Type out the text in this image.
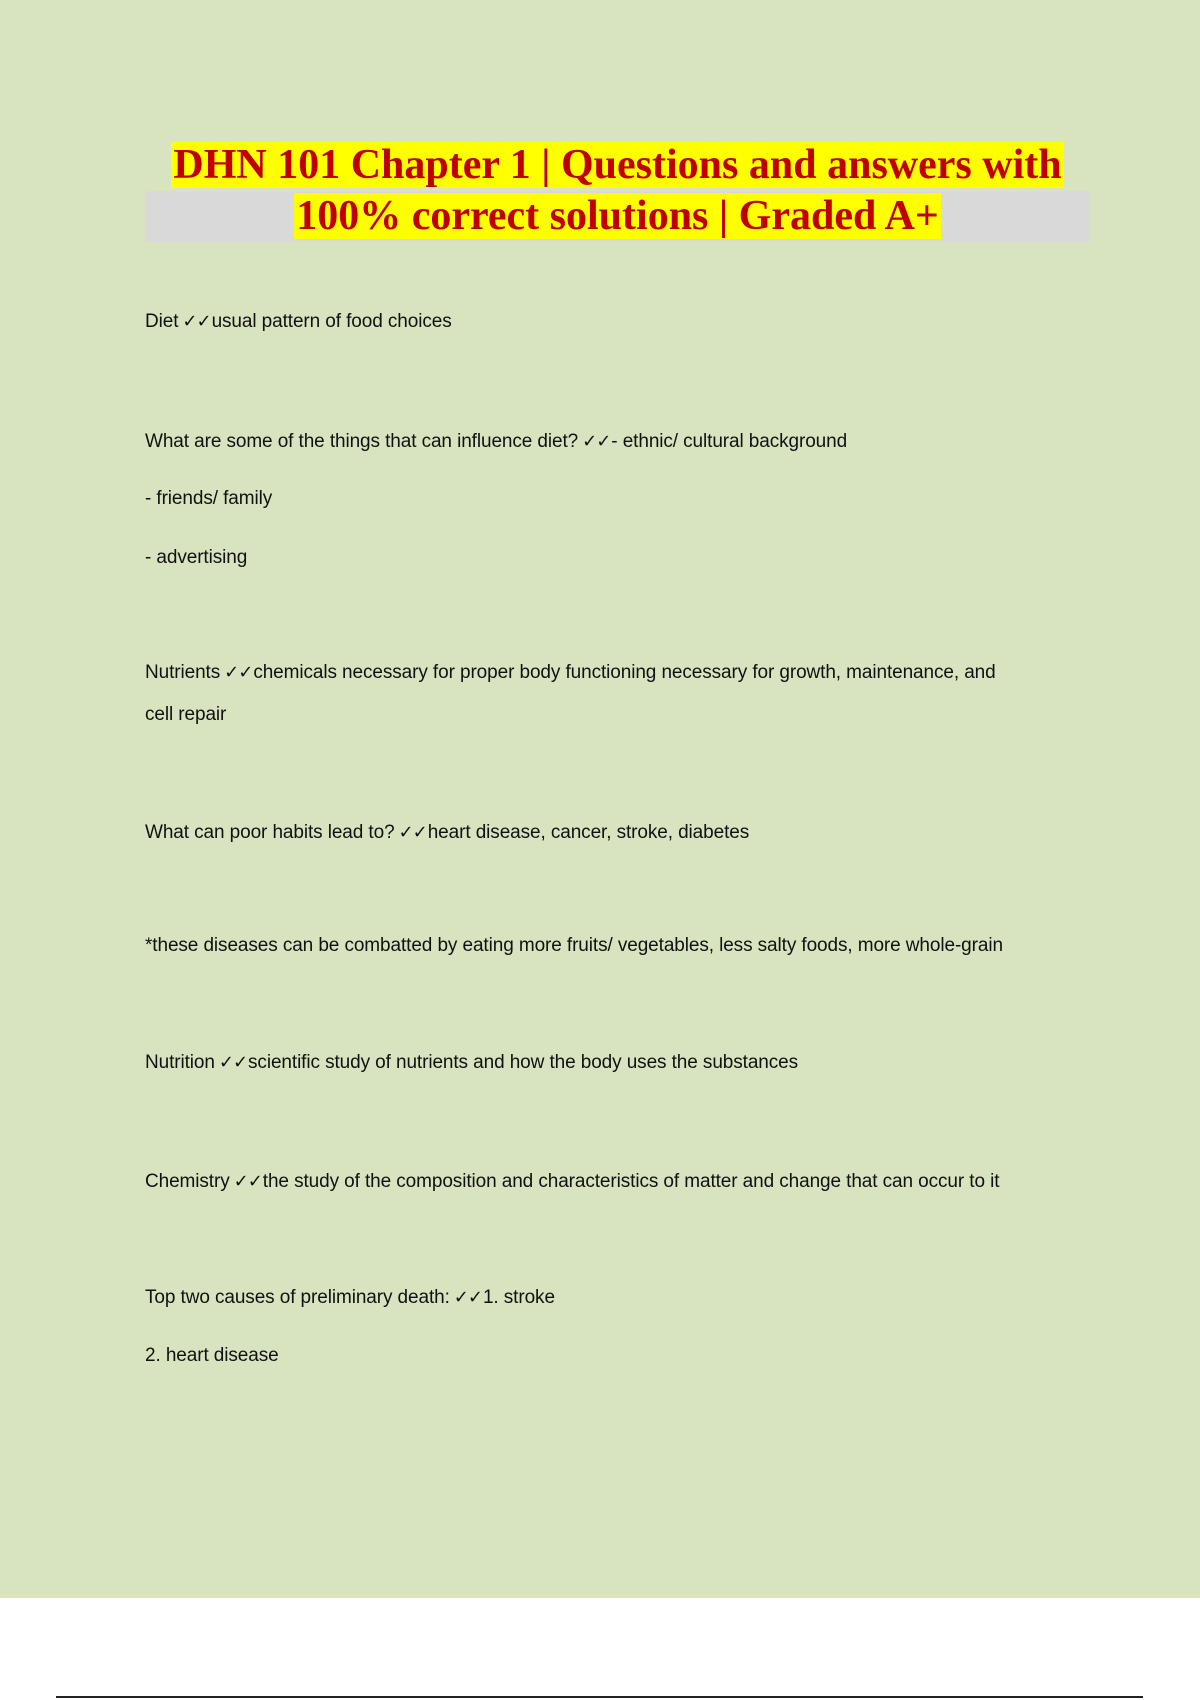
DHN 101 Chapter 1 | Questions and answers with
100% correct solutions | Graded A+
Diet ✓✓usual pattern of food choices
What are some of the things that can influence diet? ✓✓- ethnic/ cultural background
- friends/ family
- advertising
Nutrients ✓✓chemicals necessary for proper body functioning necessary for growth, maintenance, and
cell repair
What can poor habits lead to? ✓✓heart disease, cancer, stroke, diabetes
*these diseases can be combatted by eating more fruits/ vegetables, less salty foods, more whole-grain
Nutrition ✓✓scientific study of nutrients and how the body uses the substances
Chemistry ✓✓the study of the composition and characteristics of matter and change that can occur to it
Top two causes of preliminary death: ✓✓1. stroke
2. heart disease
